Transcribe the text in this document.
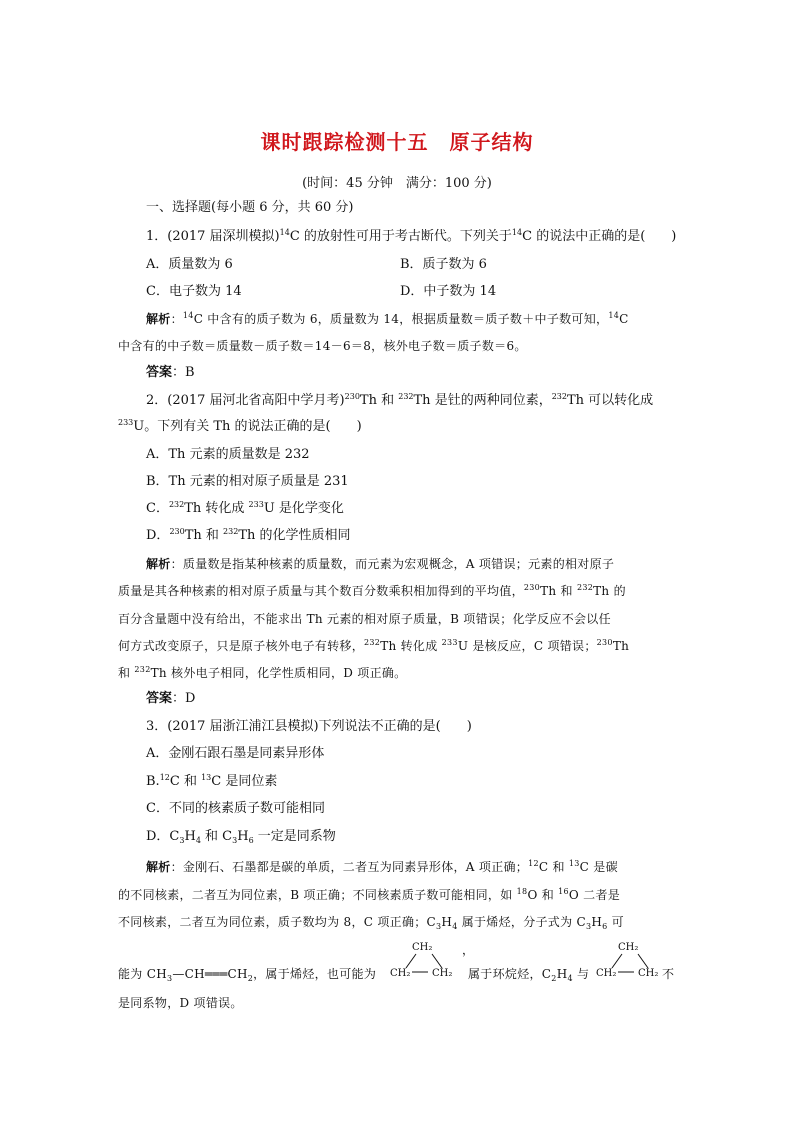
课时跟踪检测十五　原子结构
(时间：45 分钟　满分：100 分)
一、选择题(每小题 6 分，共 60 分)
1．(2017 届深圳模拟)$^{14}$C 的放射性可用于考古断代。下列关于$^{14}$C 的说法中正确的是( )
A．质量数为 6	B．质子数为 6
C．电子数为 14	D．中子数为 14
解析：$^{14}$C 中含有的质子数为 6，质量数为 14，根据质量数＝质子数＋中子数可知，$^{14}$C
中含有的中子数＝质量数－质子数＝14－6＝8，核外电子数＝质子数＝6。
答案：B
2．(2017 届河北省高阳中学月考)$^{230}$Th 和 $^{232}$Th 是钍的两种同位素，$^{232}$Th 可以转化成
$^{233}$U。下列有关 Th 的说法正确的是( )
A．Th 元素的质量数是 232
B．Th 元素的相对原子质量是 231
C．$^{232}$Th 转化成 $^{233}$U 是化学变化
D．$^{230}$Th 和 $^{232}$Th 的化学性质相同
解析：质量数是指某种核素的质量数，而元素为宏观概念，A 项错误；元素的相对原子
质量是其各种核素的相对原子质量与其个数百分数乘积相加得到的平均值，$^{230}$Th 和 $^{232}$Th 的
百分含量题中没有给出，不能求出 Th 元素的相对原子质量，B 项错误；化学反应不会以任
何方式改变原子，只是原子核外电子有转移，$^{232}$Th 转化成 $^{233}$U 是核反应，C 项错误；$^{230}$Th
和 $^{232}$Th 核外电子相同，化学性质相同，D 项正确。
答案：D
3．(2017 届浙江浦江县模拟)下列说法不正确的是( )
A．金刚石跟石墨是同素异形体
B.$^{12}$C 和 $^{13}$C 是同位素
C．不同的核素质子数可能相同
D．$C_3H_4$ 和 $C_3H_6$ 一定是同系物
解析：金刚石、石墨都是碳的单质，二者互为同素异形体，A 项正确；$^{12}$C 和 $^{13}$C 是碳
的不同核素，二者互为同位素，B 项正确；不同核素质子数可能相同，如 $^{18}$O 和 $^{16}$O 二者是
不同核素，二者互为同位素，质子数均为 8，C 项正确；$C_3H_4$ 属于烯烃，分子式为 $C_3H_6$ 可
能为 $CH_3—CH═══CH_2$，属于烯烃，也可能为
CH₂
CH₂ CH₂
，
属于环烷烃，$C_2H_4$ 与
CH₂
CH₂ CH₂ 不
是同系物，D 项错误。
